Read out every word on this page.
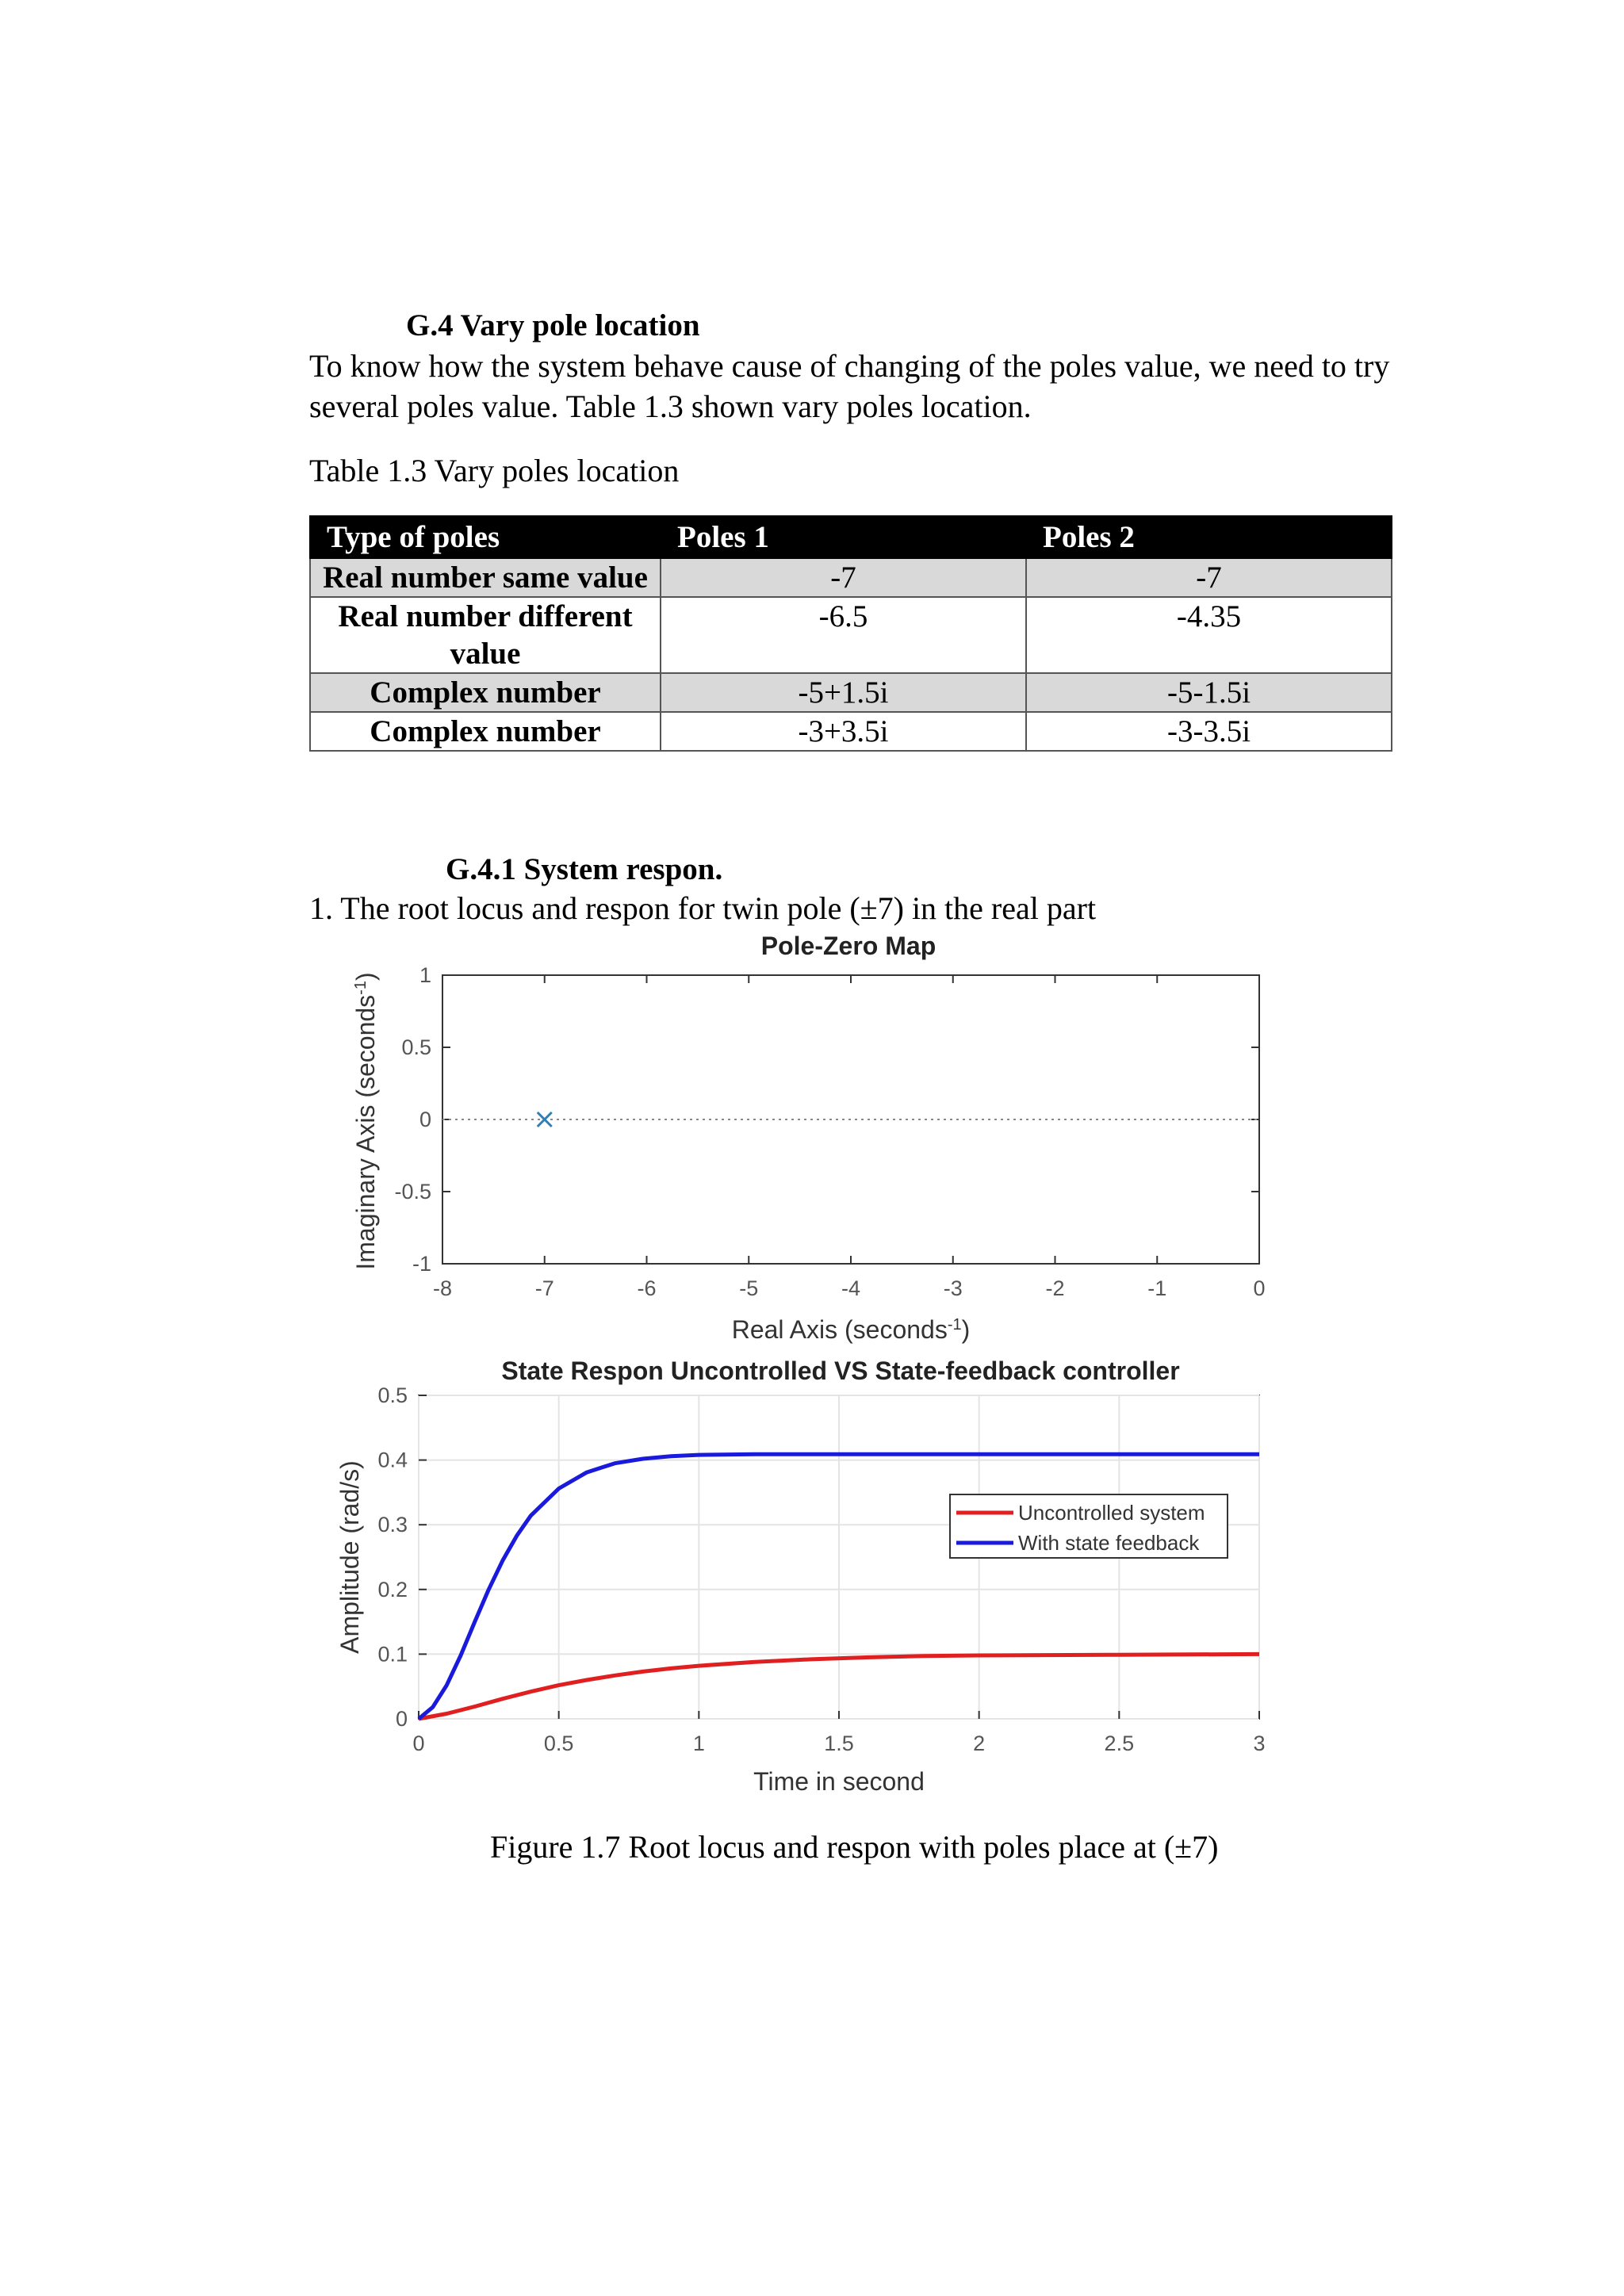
G.4 Vary pole location
To know how the system behave cause of changing of the poles value, we need to try several poles value. Table 1.3 shown vary poles location.
Table 1.3 Vary poles location
Type of poles	Poles 1	Poles 2
Real number same value	-7	-7
Real number different value	-6.5	-4.35
Complex number	-5+1.5i	-5-1.5i
Complex number	-3+3.5i	-3-3.5i
G.4.1 System respon.
1. The root locus and respon for twin pole (±7) in the real part
Pole-Zero Map
-8	-7	-6	-5	-4	-3	-2	-1	0
-1
-0.5
0
0.5
1
Real Axis (seconds$^{-1}$)
Imaginary Axis (seconds$^{-1}$)
State Respon Uncontrolled VS State-feedback controller
0	0.5	1	1.5	2	2.5	3
0
0.1
0.2
0.3
0.4
0.5
Uncontrolled system
With state feedback
Time in second
Amplitude (rad/s)
Figure 1.7 Root locus and respon with poles place at (±7)
